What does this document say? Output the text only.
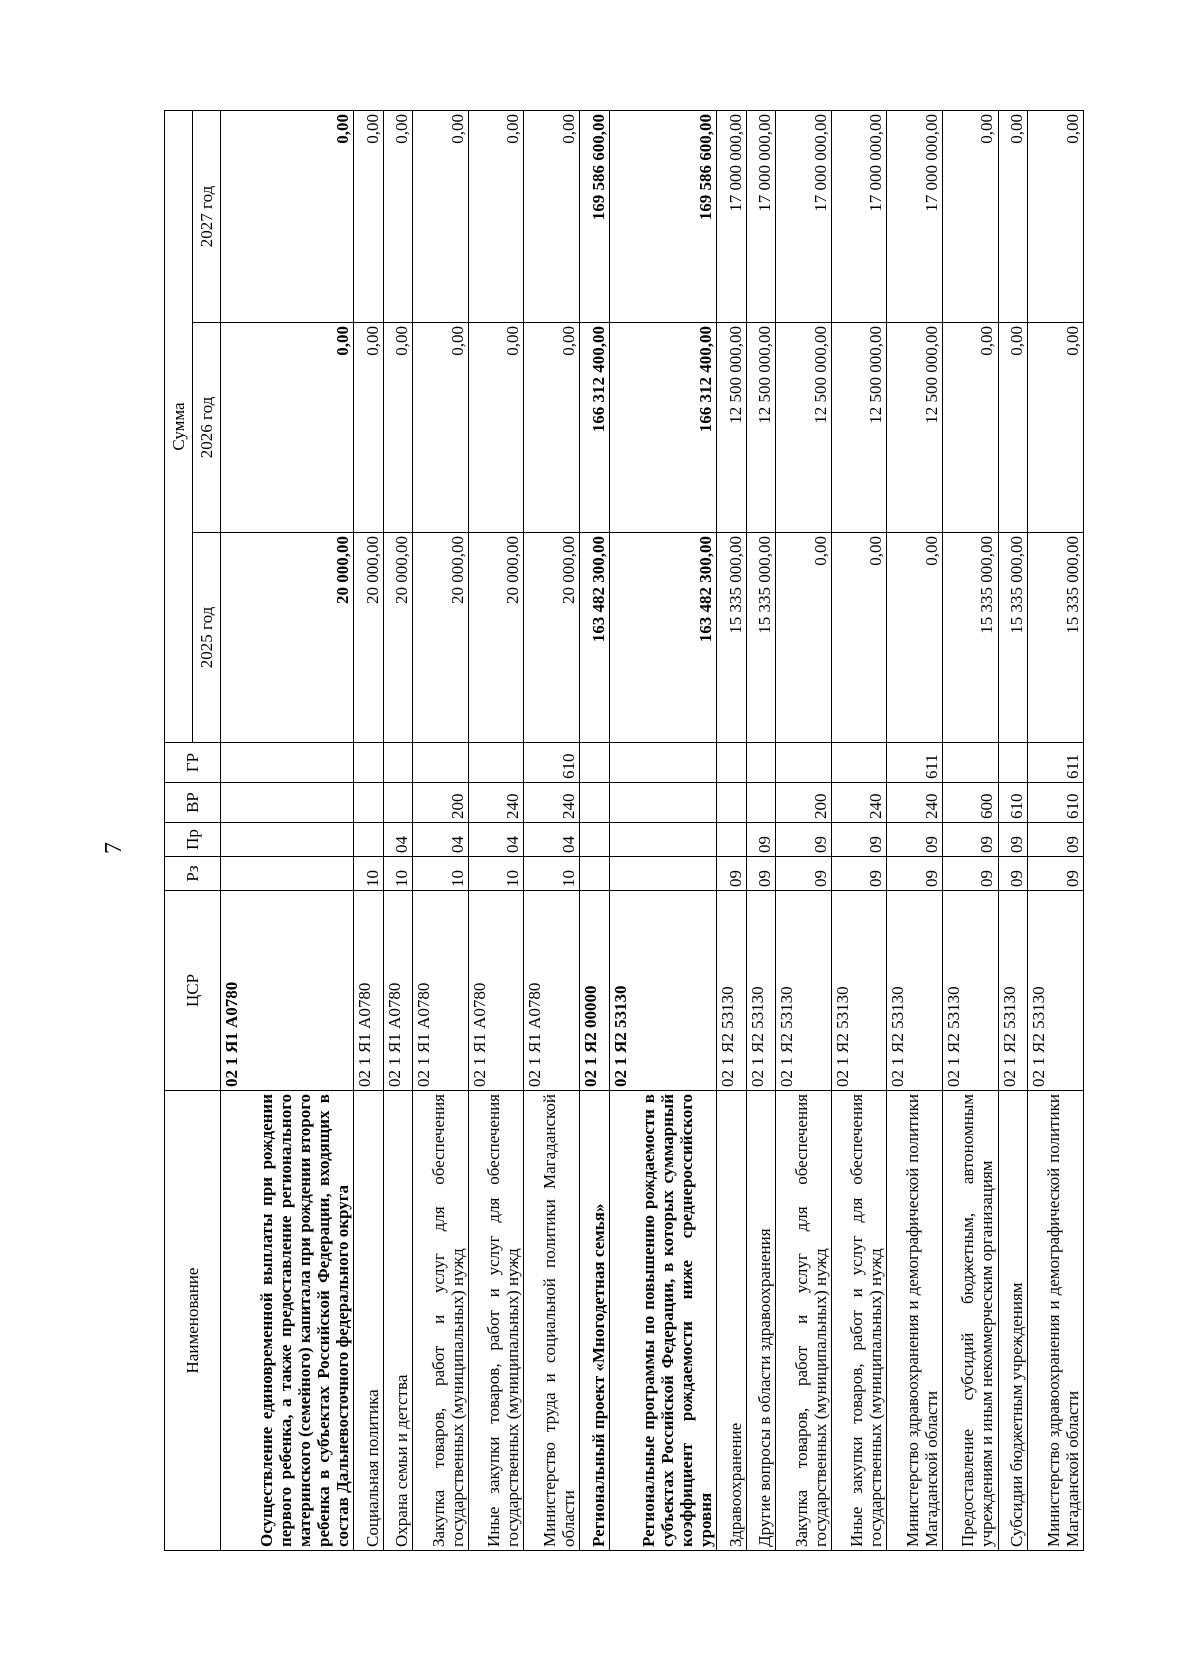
7
Наименование	ЦСР	Рз	Пр	ВР	ГР	Сумма		
						2025 год	2026 год	2027 год
Осуществление единовременной выплаты при рождении первого ребенка, а также предоставление регионального материнского (семейного) капитала при рождении второго ребенка в субъектах Российской Федерации, входящих в состав Дальневосточного федерального округа	02 1 Я1 А0780					20 000,00	0,00	0,00
Социальная политика	02 1 Я1 А0780	10				20 000,00	0,00	0,00
Охрана семьи и детства	02 1 Я1 А0780	10	04			20 000,00	0,00	0,00
Закупка товаров, работ и услуг для обеспечения государственных (муниципальных) нужд	02 1 Я1 А0780	10	04	200		20 000,00	0,00	0,00
Иные закупки товаров, работ и услуг для обеспечения государственных (муниципальных) нужд	02 1 Я1 А0780	10	04	240		20 000,00	0,00	0,00
Министерство труда и социальной политики Магаданской области	02 1 Я1 А0780	10	04	240	610	20 000,00	0,00	0,00
Региональный проект «Многодетная семья»	02 1 Я2 00000					163 482 300,00	166 312 400,00	169 586 600,00
Региональные программы по повышению рождаемости в субъектах Российской Федерации, в которых суммарный коэффициент рождаемости ниже среднероссийского уровня	02 1 Я2 53130					163 482 300,00	166 312 400,00	169 586 600,00
Здравоохранение	02 1 Я2 53130	09				15 335 000,00	12 500 000,00	17 000 000,00
Другие вопросы в области здравоохранения	02 1 Я2 53130	09	09			15 335 000,00	12 500 000,00	17 000 000,00
Закупка товаров, работ и услуг для обеспечения государственных (муниципальных) нужд	02 1 Я2 53130	09	09	200		0,00	12 500 000,00	17 000 000,00
Иные закупки товаров, работ и услуг для обеспечения государственных (муниципальных) нужд	02 1 Я2 53130	09	09	240		0,00	12 500 000,00	17 000 000,00
Министерство здравоохранения и демографической политики Магаданской области	02 1 Я2 53130	09	09	240	611	0,00	12 500 000,00	17 000 000,00
Предоставление субсидий бюджетным, автономным учреждениям и иным некоммерческим организациям	02 1 Я2 53130	09	09	600		15 335 000,00	0,00	0,00
Субсидии бюджетным учреждениям	02 1 Я2 53130	09	09	610		15 335 000,00	0,00	0,00
Министерство здравоохранения и демографической политики Магаданской области	02 1 Я2 53130	09	09	610	611	15 335 000,00	0,00	0,00
